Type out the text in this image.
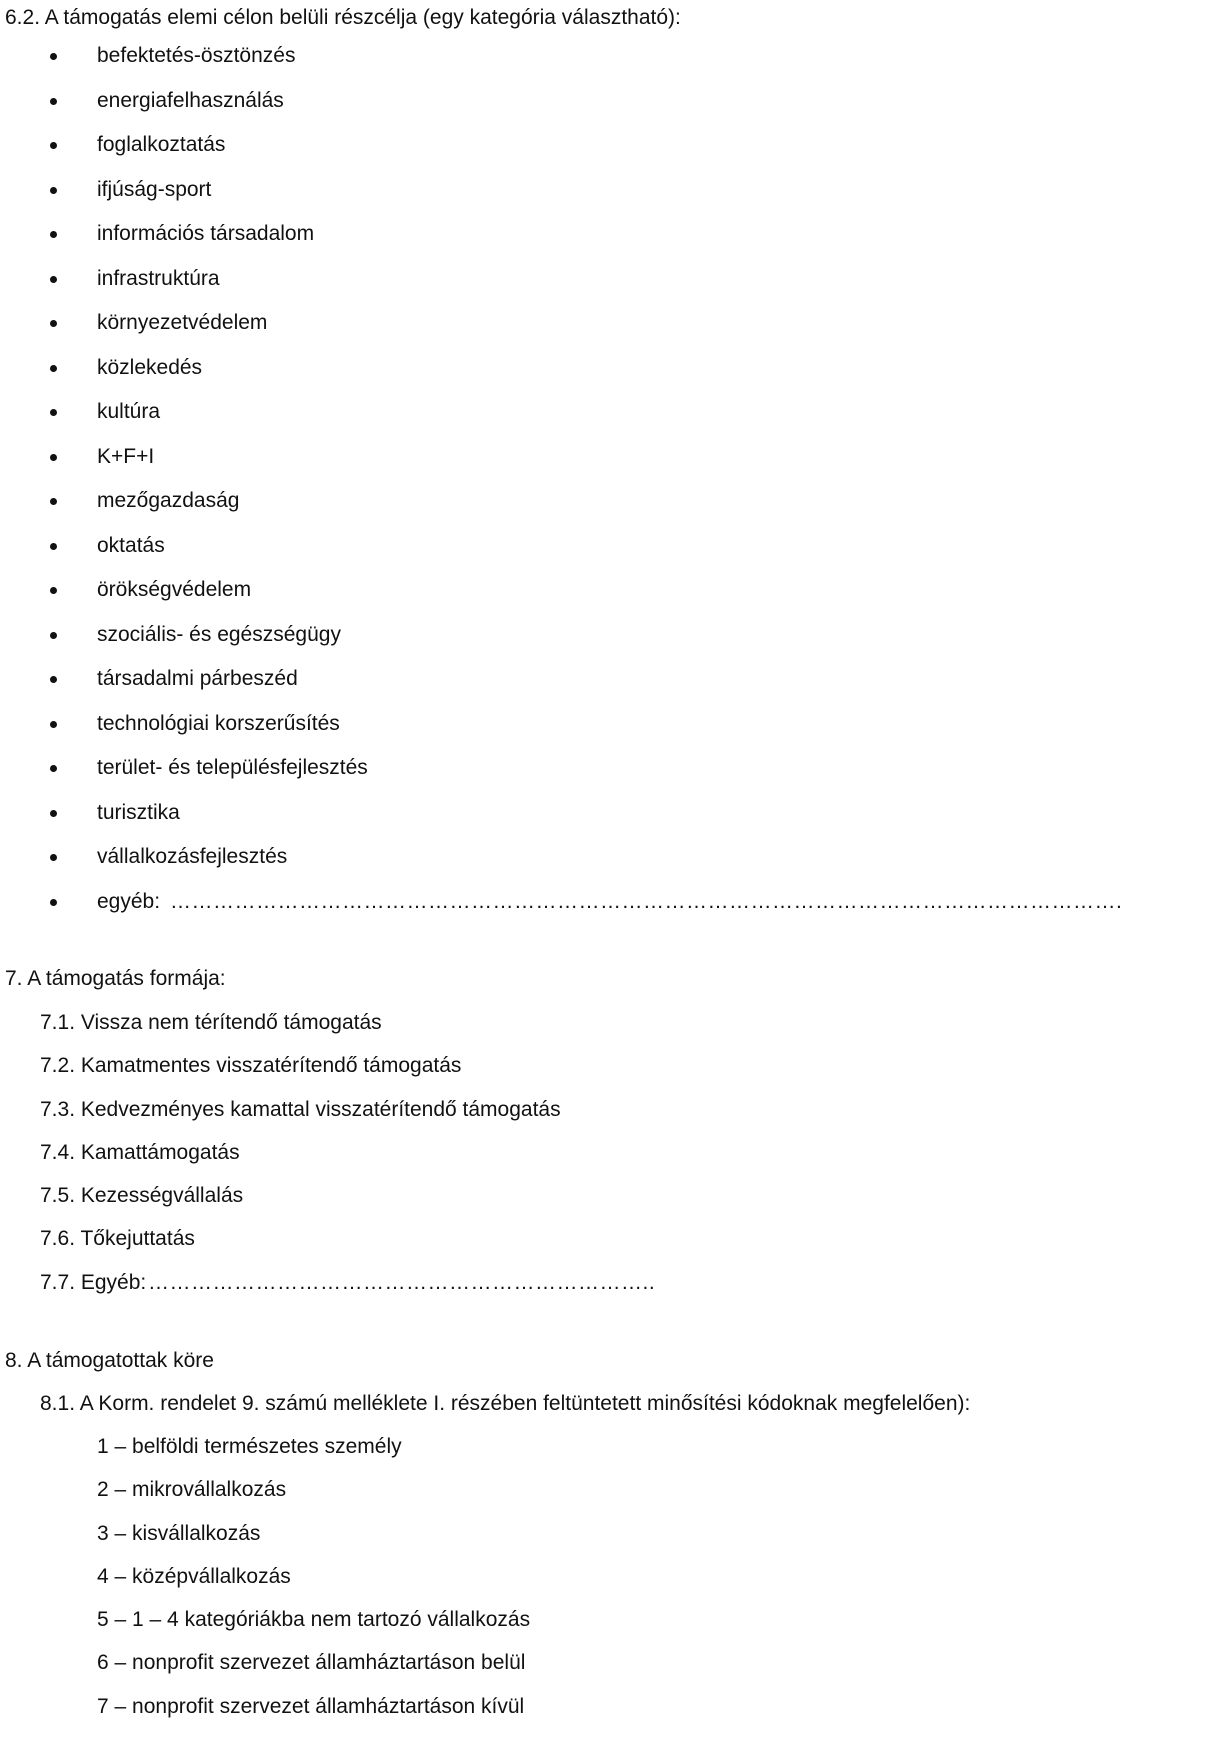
6.2. A támogatás elemi célon belüli részcélja (egy kategória választható):
befektetés-ösztönzés
energiafelhasználás
foglalkoztatás
ifjúság-sport
információs társadalom
infrastruktúra
környezetvédelem
közlekedés
kultúra
K+F+I
mezőgazdaság
oktatás
örökségvédelem
szociális- és egészségügy
társadalmi párbeszéd
technológiai korszerűsítés
terület- és településfejlesztés
turisztika
vállalkozásfejlesztés
egyéb: …………………………………………………………………………………………………………………….
7. A támogatás formája:
7.1. Vissza nem térítendő támogatás
7.2. Kamatmentes visszatérítendő támogatás
7.3. Kedvezményes kamattal visszatérítendő támogatás
7.4. Kamattámogatás
7.5. Kezességvállalás
7.6. Tőkejuttatás
7.7. Egyéb: ……………………………………………………………..
8. A támogatottak köre
8.1. A Korm. rendelet 9. számú melléklete I. részében feltüntetett minősítési kódoknak megfelelően):
1 – belföldi természetes személy
2 – mikrovállalkozás
3 – kisvállalkozás
4 – középvállalkozás
5 – 1 – 4 kategóriákba nem tartozó vállalkozás
6 – nonprofit szervezet államháztartáson belül
7 – nonprofit szervezet államháztartáson kívül
